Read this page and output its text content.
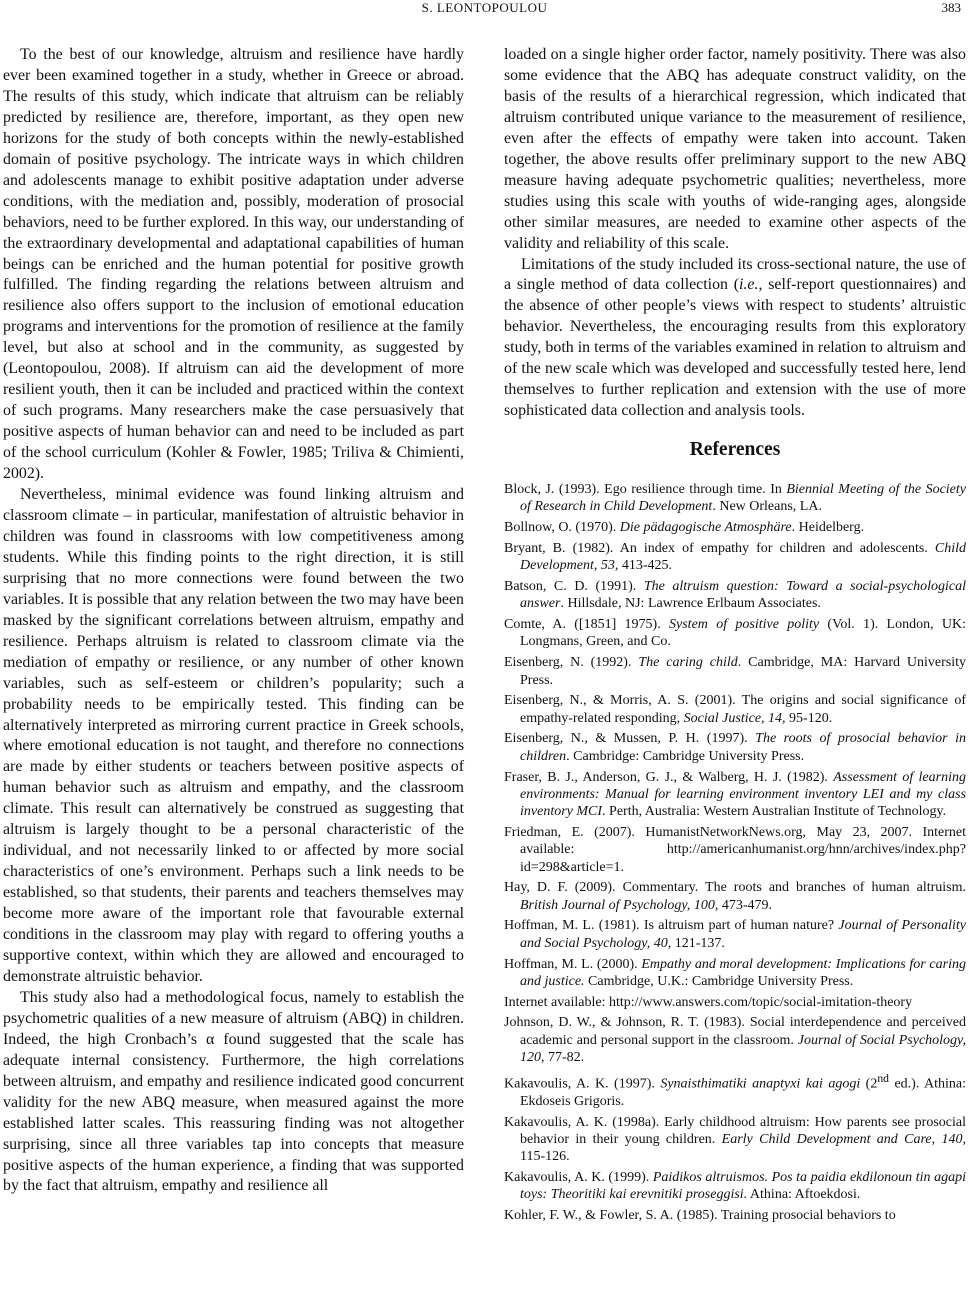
S. LEONTOPOULOU	383

To the best of our knowledge, altruism and resilience have hardly ever been examined together in a study, whether in Greece or abroad. The results of this study, which indicate that altruism can be reliably predicted by resilience are, therefore, important, as they open new horizons for the study of both concepts within the newly-established domain of positive psychology. The intricate ways in which children and adolescents manage to exhibit positive adaptation under adverse conditions, with the mediation and, possibly, moderation of prosocial behaviors, need to be further explored. In this way, our understanding of the extraordinary developmental and adaptational capabilities of human beings can be enriched and the human potential for positive growth fulfilled. The finding regarding the relations between altruism and resilience also offers support to the inclusion of emotional education programs and interventions for the promotion of resilience at the family level, but also at school and in the community, as suggested by (Leontopoulou, 2008). If altruism can aid the development of more resilient youth, then it can be included and practiced within the context of such programs. Many researchers make the case persuasively that positive aspects of human behavior can and need to be included as part of the school curriculum (Kohler & Fowler, 1985; Triliva & Chimienti, 2002).

Nevertheless, minimal evidence was found linking altruism and classroom climate – in particular, manifestation of altruistic behavior in children was found in classrooms with low competitiveness among students. While this finding points to the right direction, it is still surprising that no more connections were found between the two variables. It is possible that any relation between the two may have been masked by the significant correlations between altruism, empathy and resilience. Perhaps altruism is related to classroom climate via the mediation of empathy or resilience, or any number of other known variables, such as self-esteem or children’s popularity; such a probability needs to be empirically tested. This finding can be alternatively interpreted as mirroring current practice in Greek schools, where emotional education is not taught, and therefore no connections are made by either students or teachers between positive aspects of human behavior such as altruism and empathy, and the classroom climate. This result can alternatively be construed as suggesting that altruism is largely thought to be a personal characteristic of the individual, and not necessarily linked to or affected by more social characteristics of one’s environment. Perhaps such a link needs to be established, so that students, their parents and teachers themselves may become more aware of the important role that favourable external conditions in the classroom may play with regard to offering youths a supportive context, within which they are allowed and encouraged to demonstrate altruistic behavior.

This study also had a methodological focus, namely to establish the psychometric qualities of a new measure of altruism (ABQ) in children. Indeed, the high Cronbach’s α found suggested that the scale has adequate internal consistency. Furthermore, the high correlations between altruism, and empathy and resilience indicated good concurrent validity for the new ABQ measure, when measured against the more established latter scales. This reassuring finding was not altogether surprising, since all three variables tap into concepts that measure positive aspects of the human experience, a finding that was supported by the fact that altruism, empathy and resilience all

loaded on a single higher order factor, namely positivity. There was also some evidence that the ABQ has adequate construct validity, on the basis of the results of a hierarchical regression, which indicated that altruism contributed unique variance to the measurement of resilience, even after the effects of empathy were taken into account. Taken together, the above results offer preliminary support to the new ABQ measure having adequate psychometric qualities; nevertheless, more studies using this scale with youths of wide-ranging ages, alongside other similar measures, are needed to examine other aspects of the validity and reliability of this scale.

Limitations of the study included its cross-sectional nature, the use of a single method of data collection (i.e., self-report questionnaires) and the absence of other people’s views with respect to students’ altruistic behavior. Nevertheless, the encouraging results from this exploratory study, both in terms of the variables examined in relation to altruism and of the new scale which was developed and successfully tested here, lend themselves to further replication and extension with the use of more sophisticated data collection and analysis tools.

References
Block, J. (1993). Ego resilience through time. In Biennial Meeting of the Society of Research in Child Development. New Orleans, LA.
Bollnow, O. (1970). Die pädagogische Atmosphäre. Heidelberg.
Bryant, B. (1982). An index of empathy for children and adolescents. Child Development, 53, 413-425.
Batson, C. D. (1991). The altruism question: Toward a social-psychological answer. Hillsdale, NJ: Lawrence Erlbaum Associates.
Comte, A. ([1851] 1975). System of positive polity (Vol. 1). London, UK: Longmans, Green, and Co.
Eisenberg, N. (1992). The caring child. Cambridge, MA: Harvard University Press.
Eisenberg, N., & Morris, A. S. (2001). The origins and social significance of empathy-related responding, Social Justice, 14, 95-120.
Eisenberg, N., & Mussen, P. H. (1997). The roots of prosocial behavior in children. Cambridge: Cambridge University Press.
Fraser, B. J., Anderson, G. J., & Walberg, H. J. (1982). Assessment of learning environments: Manual for learning environment inventory LEI and my class inventory MCI. Perth, Australia: Western Australian Institute of Technology.
Friedman, E. (2007). HumanistNetworkNews.org, May 23, 2007. Internet available: http://americanhumanist.org/hnn/archives/index.php?id=298&article=1.
Hay, D. F. (2009). Commentary. The roots and branches of human altruism. British Journal of Psychology, 100, 473-479.
Hoffman, M. L. (1981). Is altruism part of human nature? Journal of Personality and Social Psychology, 40, 121-137.
Hoffman, M. L. (2000). Empathy and moral development: Implications for caring and justice. Cambridge, U.K.: Cambridge University Press.
Internet available: http://www.answers.com/topic/social-imitation-theory
Johnson, D. W., & Johnson, R. T. (1983). Social interdependence and perceived academic and personal support in the classroom. Journal of Social Psychology, 120, 77-82.
Kakavoulis, A. K. (1997). Synaisthimatiki anaptyxi kai agogi (2nd ed.). Athina: Ekdoseis Grigoris.
Kakavoulis, A. K. (1998a). Early childhood altruism: How parents see prosocial behavior in their young children. Early Child Development and Care, 140, 115-126.
Kakavoulis, A. K. (1999). Paidikos altruismos. Pos ta paidia ekdilonoun tin agapi toys: Theoritiki kai erevnitiki proseggisi. Athina: Aftoekdosi.
Kohler, F. W., & Fowler, S. A. (1985). Training prosocial behaviors to
